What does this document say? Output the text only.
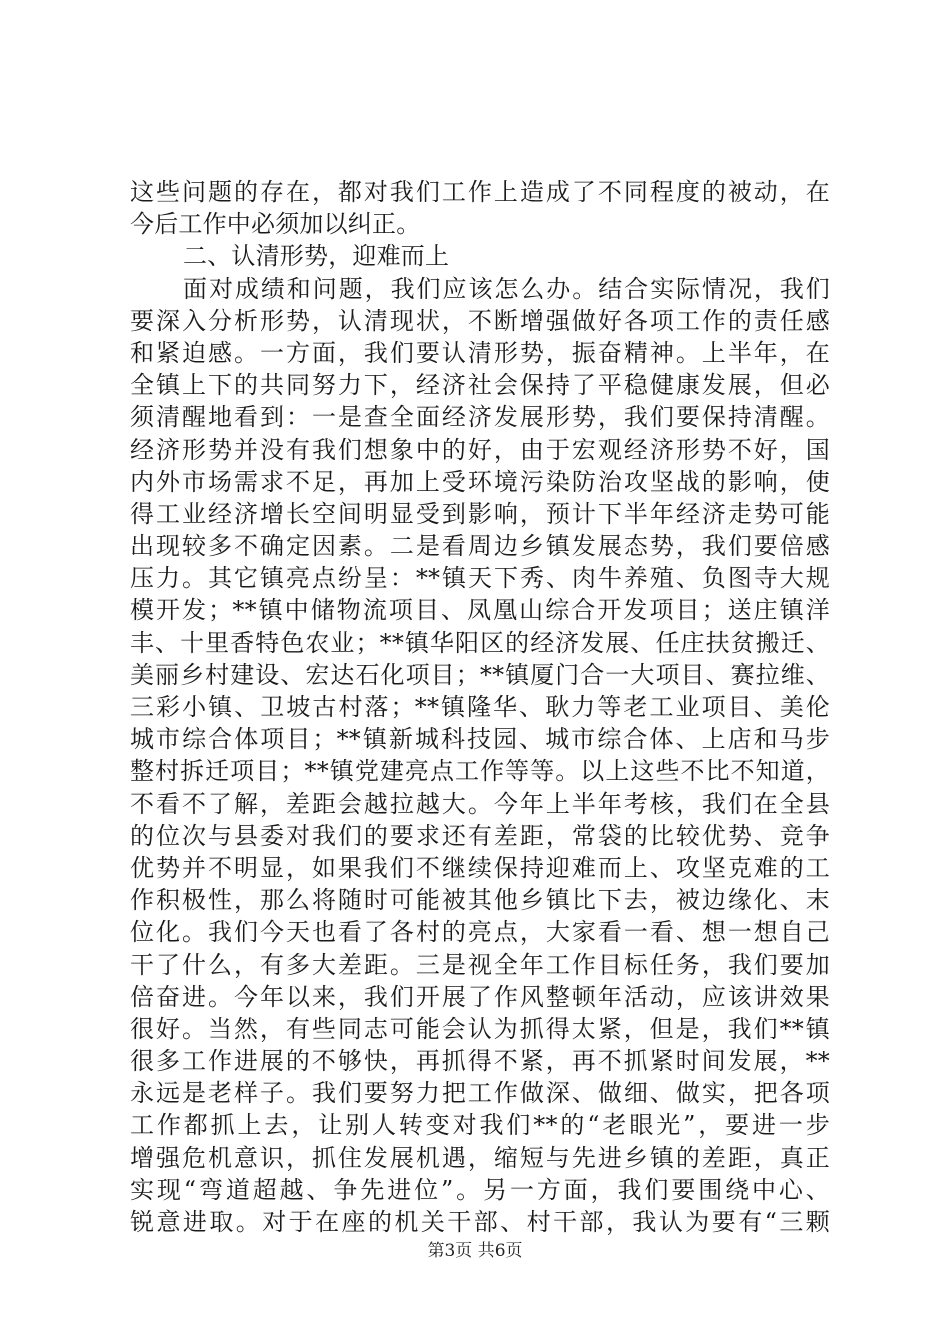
这些问题的存在，都对我们工作上造成了不同程度的被动，在
今后工作中必须加以纠正。
二、认清形势，迎难而上
面对成绩和问题，我们应该怎么办。结合实际情况，我们
要深入分析形势，认清现状，不断增强做好各项工作的责任感
和紧迫感。一方面，我们要认清形势，振奋精神。上半年，在
全镇上下的共同努力下，经济社会保持了平稳健康发展，但必
须清醒地看到：一是查全面经济发展形势，我们要保持清醒。
经济形势并没有我们想象中的好，由于宏观经济形势不好，国
内外市场需求不足，再加上受环境污染防治攻坚战的影响，使
得工业经济增长空间明显受到影响，预计下半年经济走势可能
出现较多不确定因素。二是看周边乡镇发展态势，我们要倍感
压力。其它镇亮点纷呈：**镇天下秀、肉牛养殖、负图寺大规
模开发；**镇中储物流项目、凤凰山综合开发项目；送庄镇洋
丰、十里香特色农业；**镇华阳区的经济发展、任庄扶贫搬迁、
美丽乡村建设、宏达石化项目；**镇厦门合一大项目、赛拉维、
三彩小镇、卫坡古村落；**镇隆华、耿力等老工业项目、美伦
城市综合体项目；**镇新城科技园、城市综合体、上店和马步
整村拆迁项目；**镇党建亮点工作等等。以上这些不比不知道，
不看不了解，差距会越拉越大。今年上半年考核，我们在全县
的位次与县委对我们的要求还有差距，常袋的比较优势、竞争
优势并不明显，如果我们不继续保持迎难而上、攻坚克难的工
作积极性，那么将随时可能被其他乡镇比下去，被边缘化、末
位化。我们今天也看了各村的亮点，大家看一看、想一想自己
干了什么，有多大差距。三是视全年工作目标任务，我们要加
倍奋进。今年以来，我们开展了作风整顿年活动，应该讲效果
很好。当然，有些同志可能会认为抓得太紧，但是，我们**镇
很多工作进展的不够快，再抓得不紧，再不抓紧时间发展，**
永远是老样子。我们要努力把工作做深、做细、做实，把各项
工作都抓上去，让别人转变对我们**的“老眼光”，要进一步
增强危机意识，抓住发展机遇，缩短与先进乡镇的差距，真正
实现“弯道超越、争先进位”。另一方面，我们要围绕中心、
锐意进取。对于在座的机关干部、村干部，我认为要有“三颗
第3页 共6页
